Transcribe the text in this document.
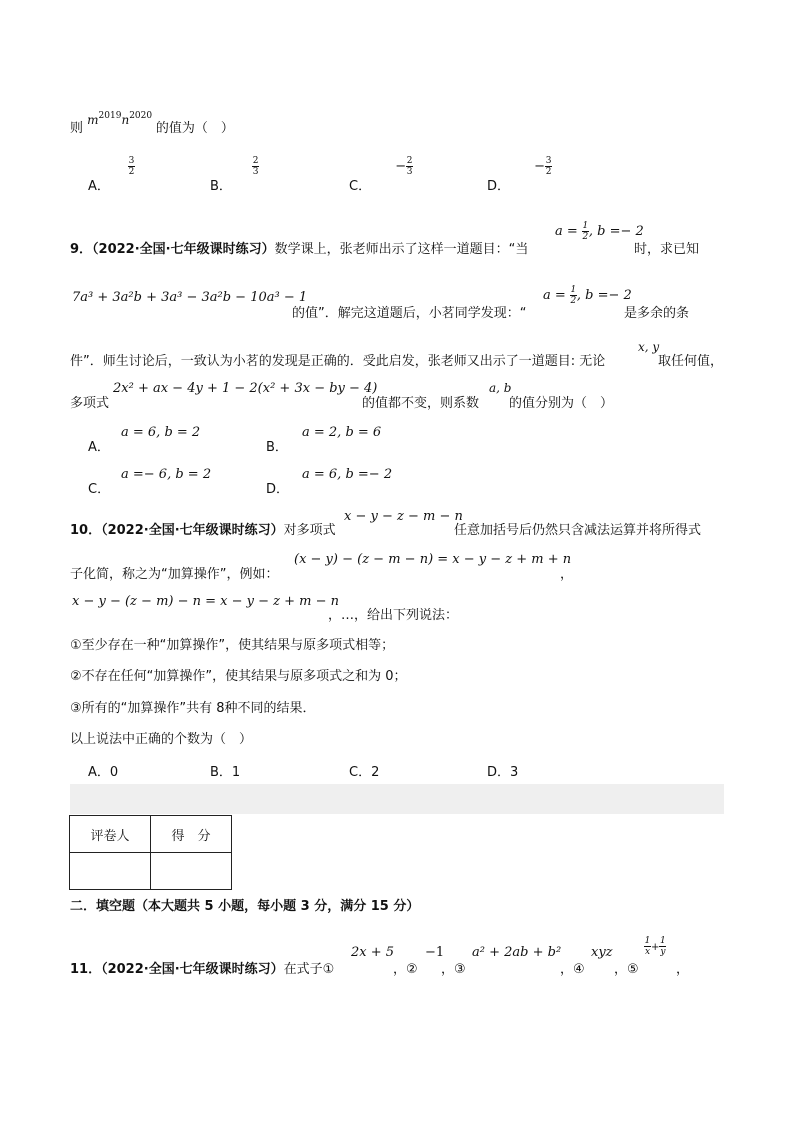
则 $m^{2019}n^{2020}$ 的值为（　）
A．
$\frac{3}{2}$
B．
$\frac{2}{3}$
C． − $\frac{2}{3}$
D． − $\frac{3}{2}$
9．（2022·全国·七年级课时练习）数学课上，张老师出示了这样一道题目：“当
$a = \frac{1}{2}$ , b =− 2
时，求已知
7a³ + 3a²b + 3a³ − 3a²b − 10a³ − 1
的值”．解完这道题后，小茗同学发现：“
$a = \frac{1}{2}$ , b =− 2
是多余的条
件”．师生讨论后，一致认为小茗的发现是正确的．受此启发，张老师又出示了一道题目: 无论
x, y
取任何值，
多项式
2x² + ax − 4y + 1 − 2(x² + 3x − by − 4)
的值都不变，则系数
a, b
的值分别为（　）
A．
a = 6, b = 2
B．
a = 2, b = 6
C．
a =− 6, b = 2
D．
a = 6, b =− 2
10．（2022·全国·七年级课时练习）对多项式
x − y − z − m − n
任意加括号后仍然只含减法运算并将所得式
子化简，称之为“加算操作”，例如：
(x − y) − (z − m − n) = x − y − z + m + n
，
x − y − (z − m) − n = x − y − z + m − n
，…，给出下列说法：
①至少存在一种“加算操作”，使其结果与原多项式相等；
②不存在任何“加算操作”，使其结果与原多项式之和为 0；
③所有的“加算操作”共有 8种不同的结果．
以上说法中正确的个数为（　）
A．0	B．1	C．2	D．3
评卷人	得　分

二．填空题（本大题共 5 小题，每小题 3 分，满分 15 分）
11．（2022·全国·七年级课时练习）在式子①
2x + 5
，②
−1
，③
a² + 2ab + b²
，④
xyz
，⑤
$\frac{1}{x} + \frac{1}{y}$
，
